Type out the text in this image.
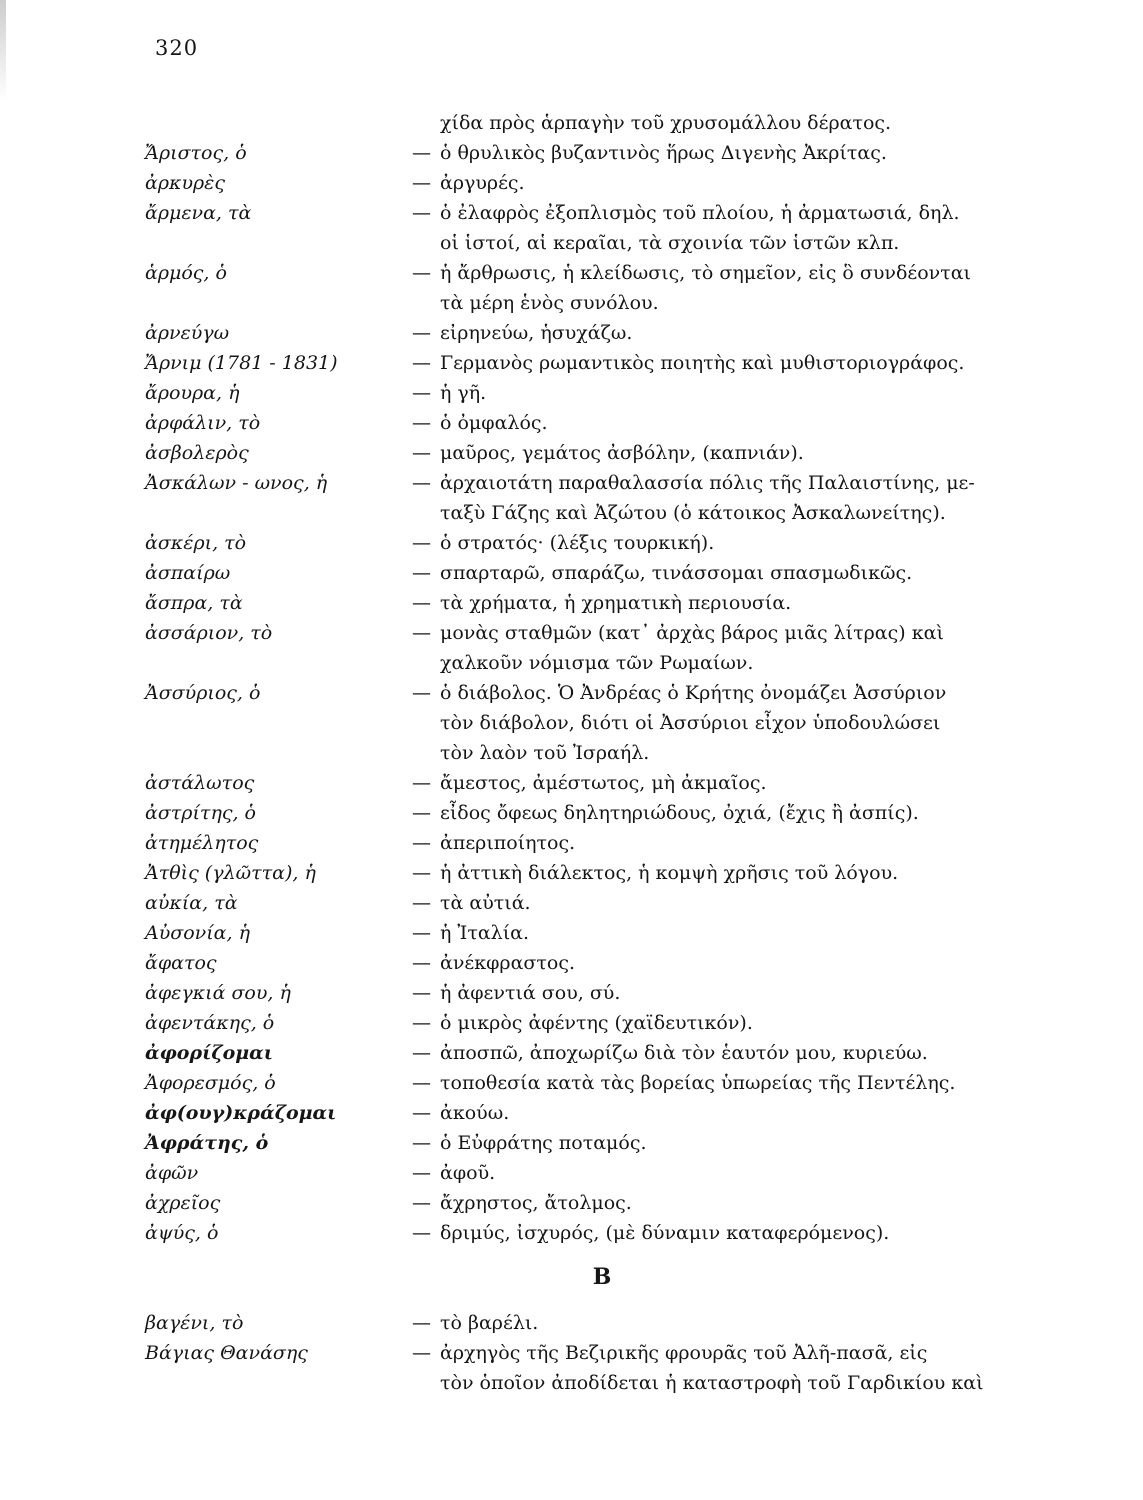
320
χίδα πρὸς ἁρπαγὴν τοῦ χρυσομάλλου δέρατος.
Ἄριστος, ὁ	— ὁ θρυλικὸς βυζαντινὸς ἥρως Διγενὴς Ἀκρίτας.
ἀρκυρὲς	— ἀργυρές.
ἄρμενα, τὰ	— ὁ ἐλαφρὸς ἐξοπλισμὸς τοῦ πλοίου, ἡ ἀρματωσιά, δηλ.
οἱ ἱστοί, αἱ κεραῖαι, τὰ σχοινία τῶν ἱστῶν κλπ.
ἁρμός, ὁ	— ἡ ἄρθρωσις, ἡ κλείδωσις, τὸ σημεῖον, εἰς ὃ συνδέονται
τὰ μέρη ἑνὸς συνόλου.
ἀρνεύγω	— εἰρηνεύω, ἡσυχάζω.
Ἄρνιμ (1781 - 1831)	— Γερμανὸς ρωμαντικὸς ποιητὴς καὶ μυθιστοριογράφος.
ἄρουρα, ἡ	— ἡ γῆ.
ἀρφάλιν, τὸ	— ὁ ὀμφαλός.
ἀσβολερὸς	— μαῦρος, γεμάτος ἀσβόλην, (καπνιάν).
Ἀσκάλων - ωνος, ἡ	— ἀρχαιοτάτη παραθαλασσία πόλις τῆς Παλαιστίνης, με-
ταξὺ Γάζης καὶ Ἀζώτου (ὁ κάτοικος Ἀσκαλωνείτης).
ἀσκέρι, τὸ	— ὁ στρατός· (λέξις τουρκική).
ἀσπαίρω	— σπαρταρῶ, σπαράζω, τινάσσομαι σπασμωδικῶς.
ἄσπρα, τὰ	— τὰ χρήματα, ἡ χρηματικὴ περιουσία.
ἀσσάριον, τὸ	— μονὰς σταθμῶν (κατ᾽ ἀρχὰς βάρος μιᾶς λίτρας) καὶ
χαλκοῦν νόμισμα τῶν Ρωμαίων.
Ἀσσύριος, ὁ	— ὁ διάβολος. Ὁ Ἀνδρέας ὁ Κρήτης ὀνομάζει Ἀσσύριον
τὸν διάβολον, διότι οἱ Ἀσσύριοι εἶχον ὑποδουλώσει
τὸν λαὸν τοῦ Ἰσραήλ.
ἀστάλωτος	— ἄμεστος, ἀμέστωτος, μὴ ἀκμαῖος.
ἀστρίτης, ὁ	— εἶδος ὄφεως δηλητηριώδους, ὀχιά, (ἔχις ἢ ἀσπίς).
ἀτημέλητος	— ἀπεριποίητος.
Ἀτθὶς (γλῶττα), ἡ	— ἡ ἀττικὴ διάλεκτος, ἡ κομψὴ χρῆσις τοῦ λόγου.
αὐκία, τὰ	— τὰ αὐτιά.
Αὐσονία, ἡ	— ἡ Ἰταλία.
ἄφατος	— ἀνέκφραστος.
ἀφεγκιά σου, ἡ	— ἡ ἀφεντιά σου, σύ.
ἀφεντάκης, ὁ	— ὁ μικρὸς ἀφέντης (χαϊδευτικόν).
ἀφορίζομαι	— ἀποσπῶ, ἀποχωρίζω διὰ τὸν ἑαυτόν μου, κυριεύω.
Ἀφορεσμός, ὁ	— τοποθεσία κατὰ τὰς βορείας ὑπωρείας τῆς Πεντέλης.
ἀφ(ουγ)κράζομαι	— ἀκούω.
Ἀφράτης, ὁ	— ὁ Εὐφράτης ποταμός.
ἀφῶν	— ἀφοῦ.
ἀχρεῖος	— ἄχρηστος, ἄτολμος.
ἀψύς, ὁ	— δριμύς, ἰσχυρός, (μὲ δύναμιν καταφερόμενος).
Β
βαγένι, τὸ	— τὸ βαρέλι.
Βάγιας Θανάσης	— ἀρχηγὸς τῆς Βεζιρικῆς φρουρᾶς τοῦ Ἀλῆ-πασᾶ, εἰς
τὸν ὁποῖον ἀποδίδεται ἡ καταστροφὴ τοῦ Γαρδικίου καὶ
